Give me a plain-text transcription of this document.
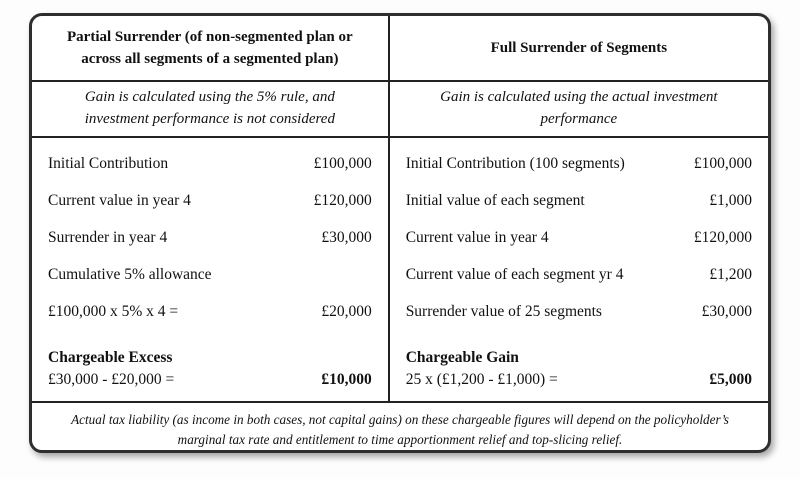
Partial Surrender (of non-segmented plan or across all segments of a segmented plan)
Gain is calculated using the 5% rule, and investment performance is not considered
Initial Contribution	£100,000
Current value in year 4	£120,000
Surrender in year 4	£30,000
Cumulative 5% allowance
£100,000 x 5% x 4 =	£20,000
Chargeable Excess
£30,000 - £20,000 =	£10,000
Full Surrender of Segments
Gain is calculated using the actual investment performance
Initial Contribution (100 segments)	£100,000
Initial value of each segment	£1,000
Current value in year 4	£120,000
Current value of each segment yr 4	£1,200
Surrender value of 25 segments	£30,000
Chargeable Gain
25 x (£1,200 - £1,000) =	£5,000
Actual tax liability (as income in both cases, not capital gains) on these chargeable figures will depend on the policyholder’s marginal tax rate and entitlement to time apportionment relief and top-slicing relief.
